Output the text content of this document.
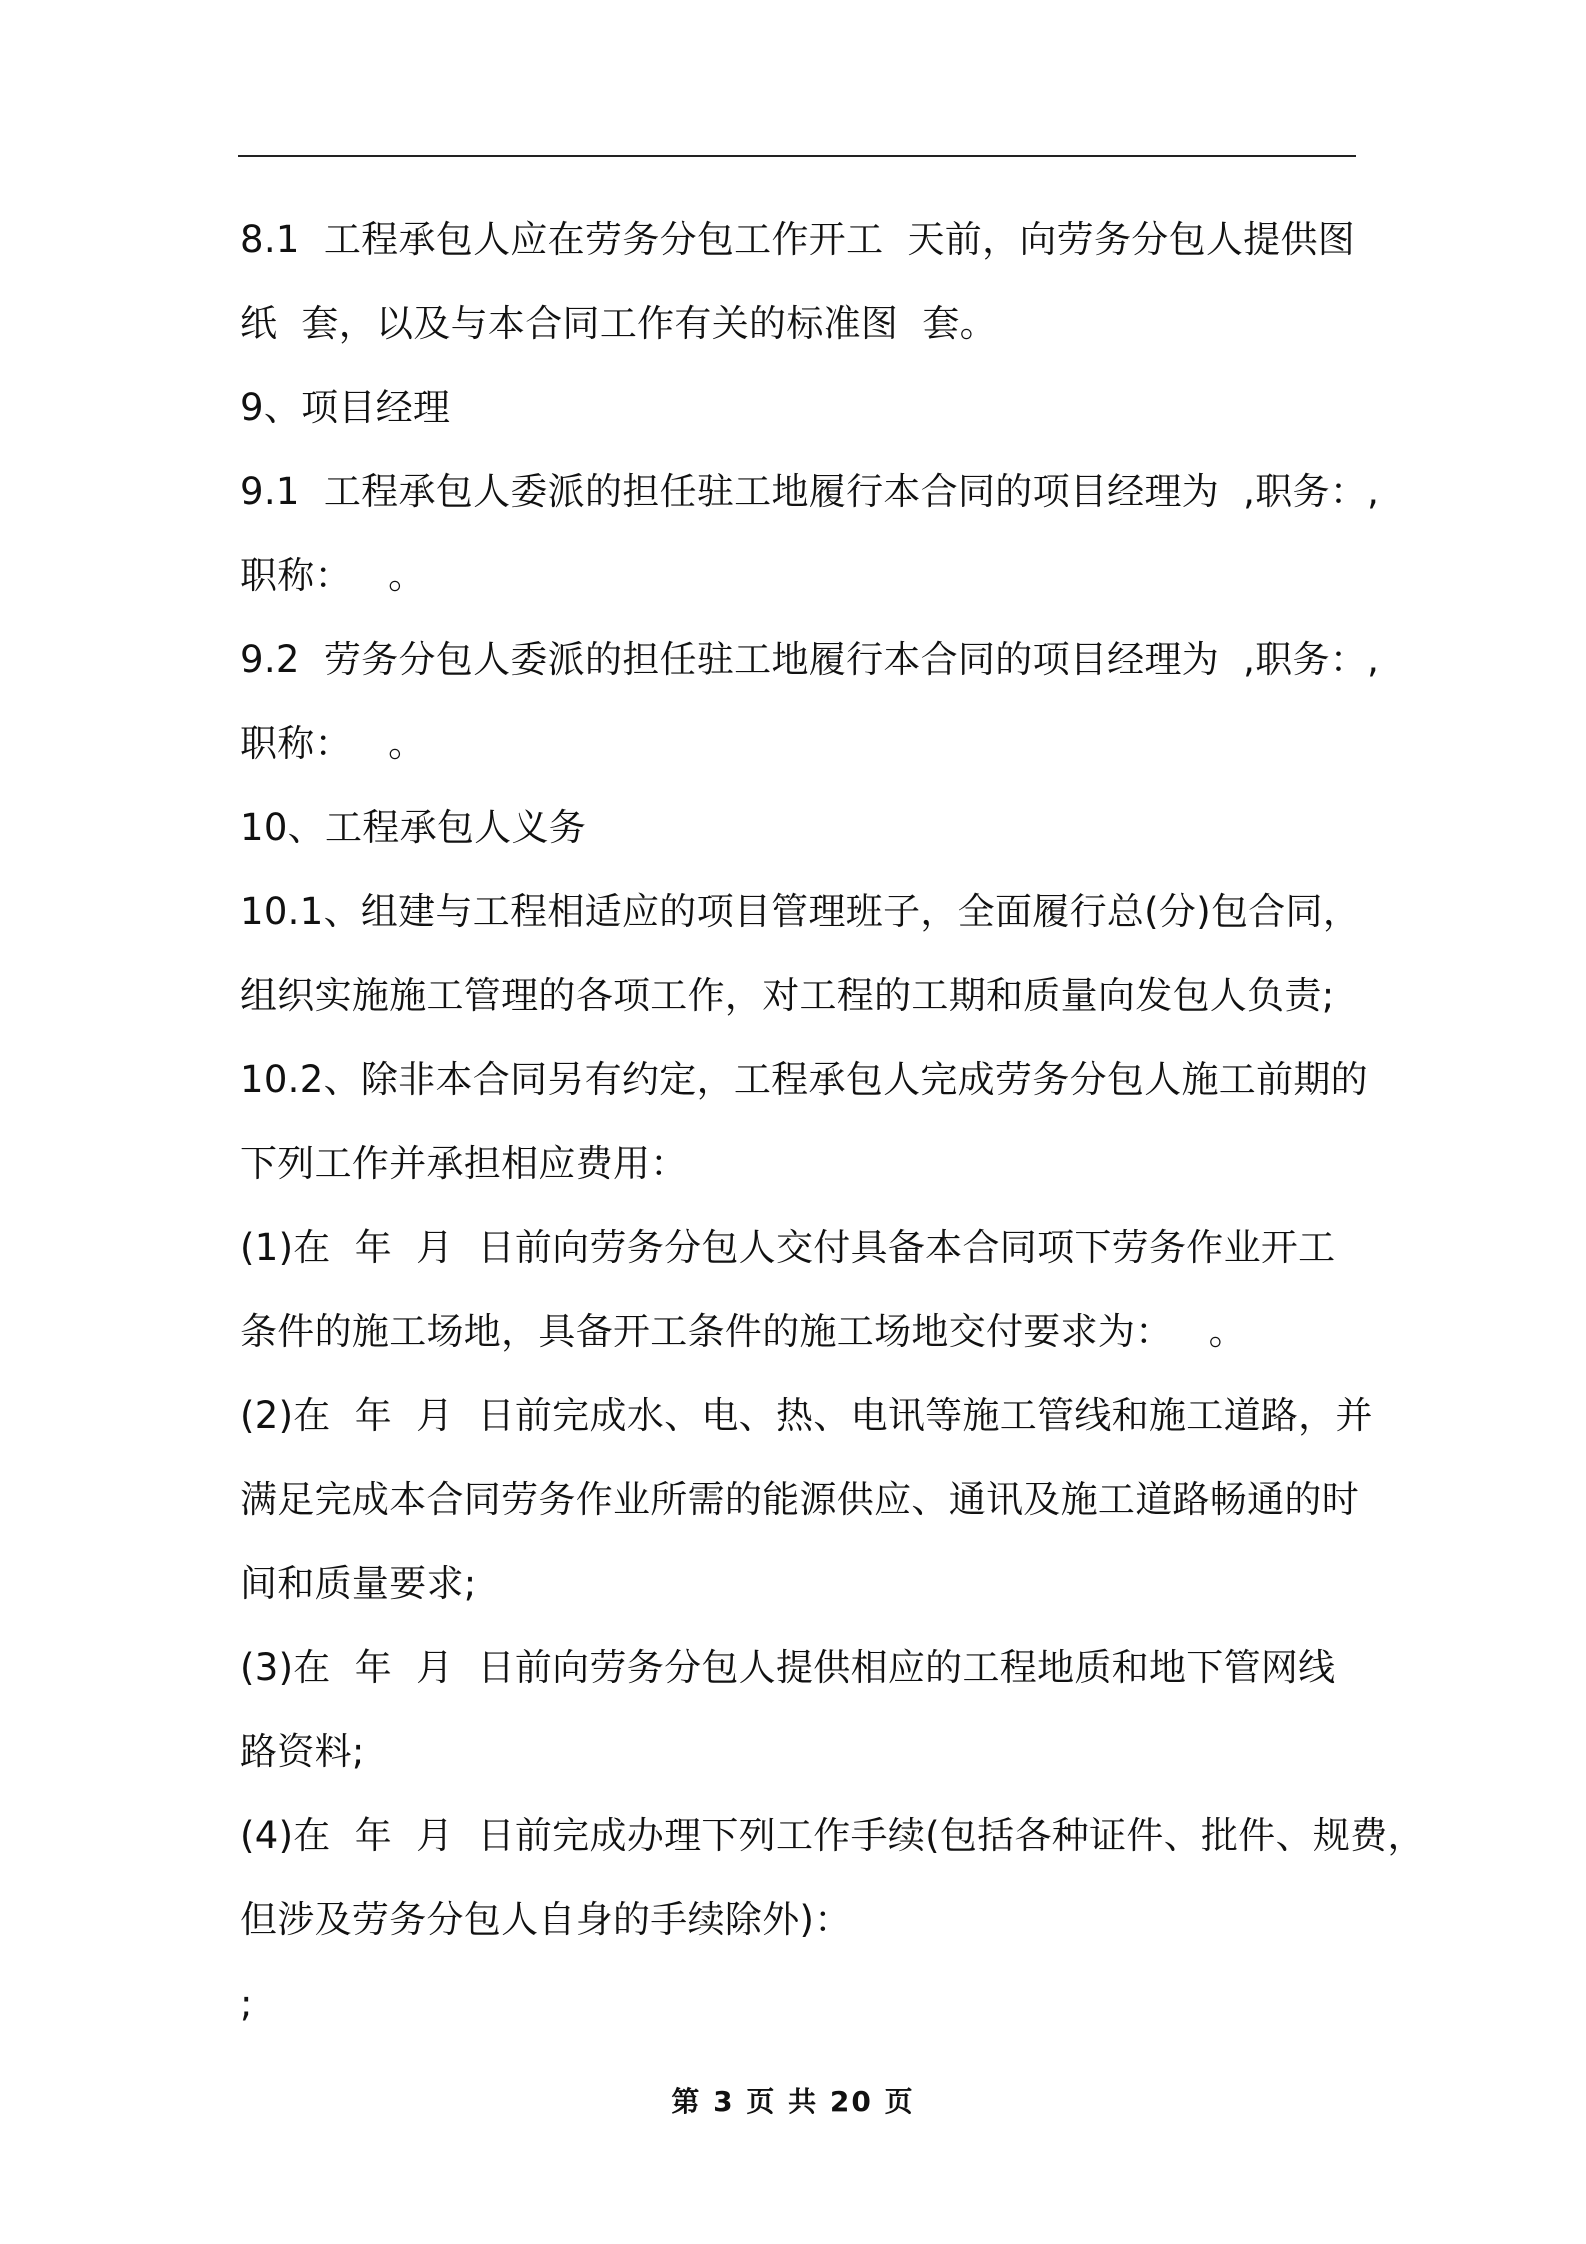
8.1  工程承包人应在劳务分包工作开工  天前，向劳务分包人提供图
纸  套，以及与本合同工作有关的标准图  套。
9、项目经理
9.1  工程承包人委派的担任驻工地履行本合同的项目经理为  ,职务：,
职称：   。
9.2  劳务分包人委派的担任驻工地履行本合同的项目经理为  ,职务：,
职称：   。
10、工程承包人义务
10.1、组建与工程相适应的项目管理班子，全面履行总(分)包合同，
组织实施施工管理的各项工作，对工程的工期和质量向发包人负责;
10.2、除非本合同另有约定，工程承包人完成劳务分包人施工前期的
下列工作并承担相应费用：
(1)在  年  月  日前向劳务分包人交付具备本合同项下劳务作业开工
条件的施工场地，具备开工条件的施工场地交付要求为：   。
(2)在  年  月  日前完成水、电、热、电讯等施工管线和施工道路，并
满足完成本合同劳务作业所需的能源供应、通讯及施工道路畅通的时
间和质量要求;
(3)在  年  月  日前向劳务分包人提供相应的工程地质和地下管网线
路资料;
(4)在  年  月  日前完成办理下列工作手续(包括各种证件、批件、规费，
但涉及劳务分包人自身的手续除外)：
;
第 3 页 共 20 页
